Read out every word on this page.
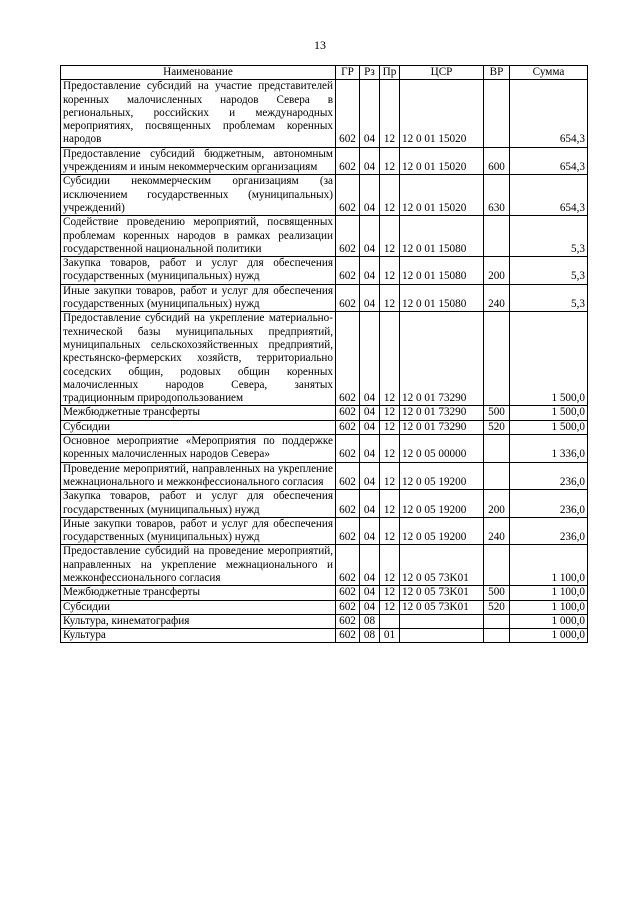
13
Наименование	ГР	Рз	Пр	ЦСР	ВР	Сумма
Предоставление субсидий на участие представителей коренных малочисленных народов Севера в региональных, российских и международных мероприятиях, посвященных проблемам коренных народов	602	04	12	12 0 01 15020		654,3
Предоставление субсидий бюджетным, автономным учреждениям и иным некоммерческим организациям	602	04	12	12 0 01 15020	600	654,3
Субсидии некоммерческим организациям (за исключением государственных (муниципальных) учреждений)	602	04	12	12 0 01 15020	630	654,3
Содействие проведению мероприятий, посвященных проблемам коренных народов в рамках реализации государственной национальной политики	602	04	12	12 0 01 15080		5,3
Закупка товаров, работ и услуг для обеспечения государственных (муниципальных) нужд	602	04	12	12 0 01 15080	200	5,3
Иные закупки товаров, работ и услуг для обеспечения государственных (муниципальных) нужд	602	04	12	12 0 01 15080	240	5,3
Предоставление субсидий на укрепление материально-технической базы муниципальных предприятий, муниципальных сельскохозяйственных предприятий, крестьянско-фермерских хозяйств, территориально соседских общин, родовых общин коренных малочисленных народов Севера, занятых традиционным природопользованием	602	04	12	12 0 01 73290		1 500,0
Межбюджетные трансферты	602	04	12	12 0 01 73290	500	1 500,0
Субсидии	602	04	12	12 0 01 73290	520	1 500,0
Основное мероприятие «Мероприятия по поддержке коренных малочисленных народов Севера»	602	04	12	12 0 05 00000		1 336,0
Проведение мероприятий, направленных на укрепление межнационального и межконфессионального согласия	602	04	12	12 0 05 19200		236,0
Закупка товаров, работ и услуг для обеспечения государственных (муниципальных) нужд	602	04	12	12 0 05 19200	200	236,0
Иные закупки товаров, работ и услуг для обеспечения государственных (муниципальных) нужд	602	04	12	12 0 05 19200	240	236,0
Предоставление субсидий на проведение мероприятий, направленных на укрепление межнационального и межконфессионального согласия	602	04	12	12 0 05 73K01		1 100,0
Межбюджетные трансферты	602	04	12	12 0 05 73K01	500	1 100,0
Субсидии	602	04	12	12 0 05 73K01	520	1 100,0
Культура, кинематография	602	08				1 000,0
Культура	602	08	01			1 000,0
